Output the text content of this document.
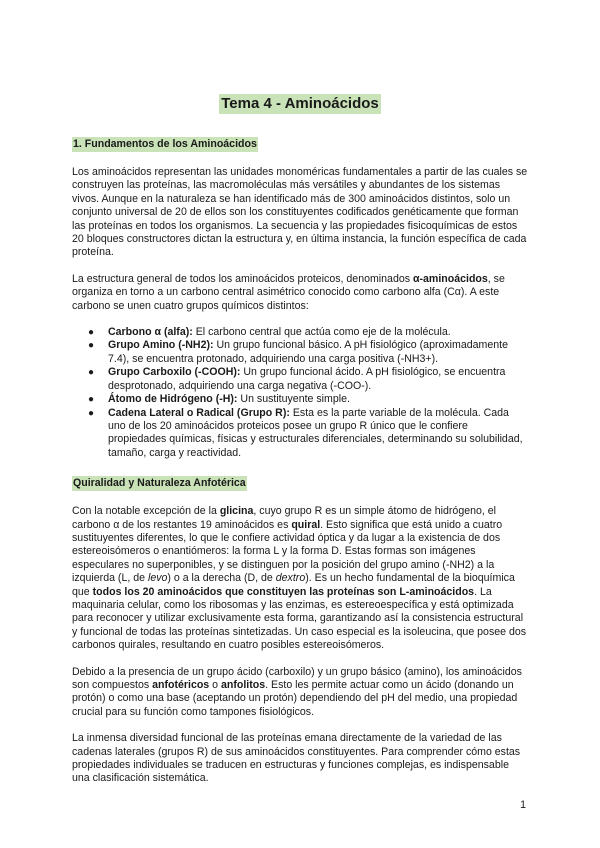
Tema 4 - Aminoácidos
1. Fundamentos de los Aminoácidos

Los aminoácidos representan las unidades monoméricas fundamentales a partir de las cuales se construyen las proteínas, las macromoléculas más versátiles y abundantes de los sistemas vivos. Aunque en la naturaleza se han identificado más de 300 aminoácidos distintos, solo un conjunto universal de 20 de ellos son los constituyentes codificados genéticamente que forman las proteínas en todos los organismos. La secuencia y las propiedades fisicoquímicas de estos 20 bloques constructores dictan la estructura y, en última instancia, la función específica de cada proteína.

La estructura general de todos los aminoácidos proteicos, denominados α-aminoácidos, se organiza en torno a un carbono central asimétrico conocido como carbono alfa (Cα). A este carbono se unen cuatro grupos químicos distintos:

● Carbono α (alfa): El carbono central que actúa como eje de la molécula.
● Grupo Amino (-NH2): Un grupo funcional básico. A pH fisiológico (aproximadamente 7.4), se encuentra protonado, adquiriendo una carga positiva (-NH3+).
● Grupo Carboxilo (-COOH): Un grupo funcional ácido. A pH fisiológico, se encuentra desprotonado, adquiriendo una carga negativa (-COO-).
● Átomo de Hidrógeno (-H): Un sustituyente simple.
● Cadena Lateral o Radical (Grupo R): Esta es la parte variable de la molécula. Cada uno de los 20 aminoácidos proteicos posee un grupo R único que le confiere propiedades químicas, físicas y estructurales diferenciales, determinando su solubilidad, tamaño, carga y reactividad.
Quiralidad y Naturaleza Anfotérica

Con la notable excepción de la glicina, cuyo grupo R es un simple átomo de hidrógeno, el carbono α de los restantes 19 aminoácidos es quiral. Esto significa que está unido a cuatro sustituyentes diferentes, lo que le confiere actividad óptica y da lugar a la existencia de dos estereoisómeros o enantiómeros: la forma L y la forma D. Estas formas son imágenes especulares no superponibles, y se distinguen por la posición del grupo amino (-NH2) a la izquierda (L, de levo) o a la derecha (D, de dextro). Es un hecho fundamental de la bioquímica que todos los 20 aminoácidos que constituyen las proteínas son L-aminoácidos. La maquinaria celular, como los ribosomas y las enzimas, es estereoespecífica y está optimizada para reconocer y utilizar exclusivamente esta forma, garantizando así la consistencia estructural y funcional de todas las proteínas sintetizadas. Un caso especial es la isoleucina, que posee dos carbonos quirales, resultando en cuatro posibles estereoisómeros.

Debido a la presencia de un grupo ácido (carboxilo) y un grupo básico (amino), los aminoácidos son compuestos anfotéricos o anfolitos. Esto les permite actuar como un ácido (donando un protón) o como una base (aceptando un protón) dependiendo del pH del medio, una propiedad crucial para su función como tampones fisiológicos.

La inmensa diversidad funcional de las proteínas emana directamente de la variedad de las cadenas laterales (grupos R) de sus aminoácidos constituyentes. Para comprender cómo estas propiedades individuales se traducen en estructuras y funciones complejas, es indispensable una clasificación sistemática.

1
